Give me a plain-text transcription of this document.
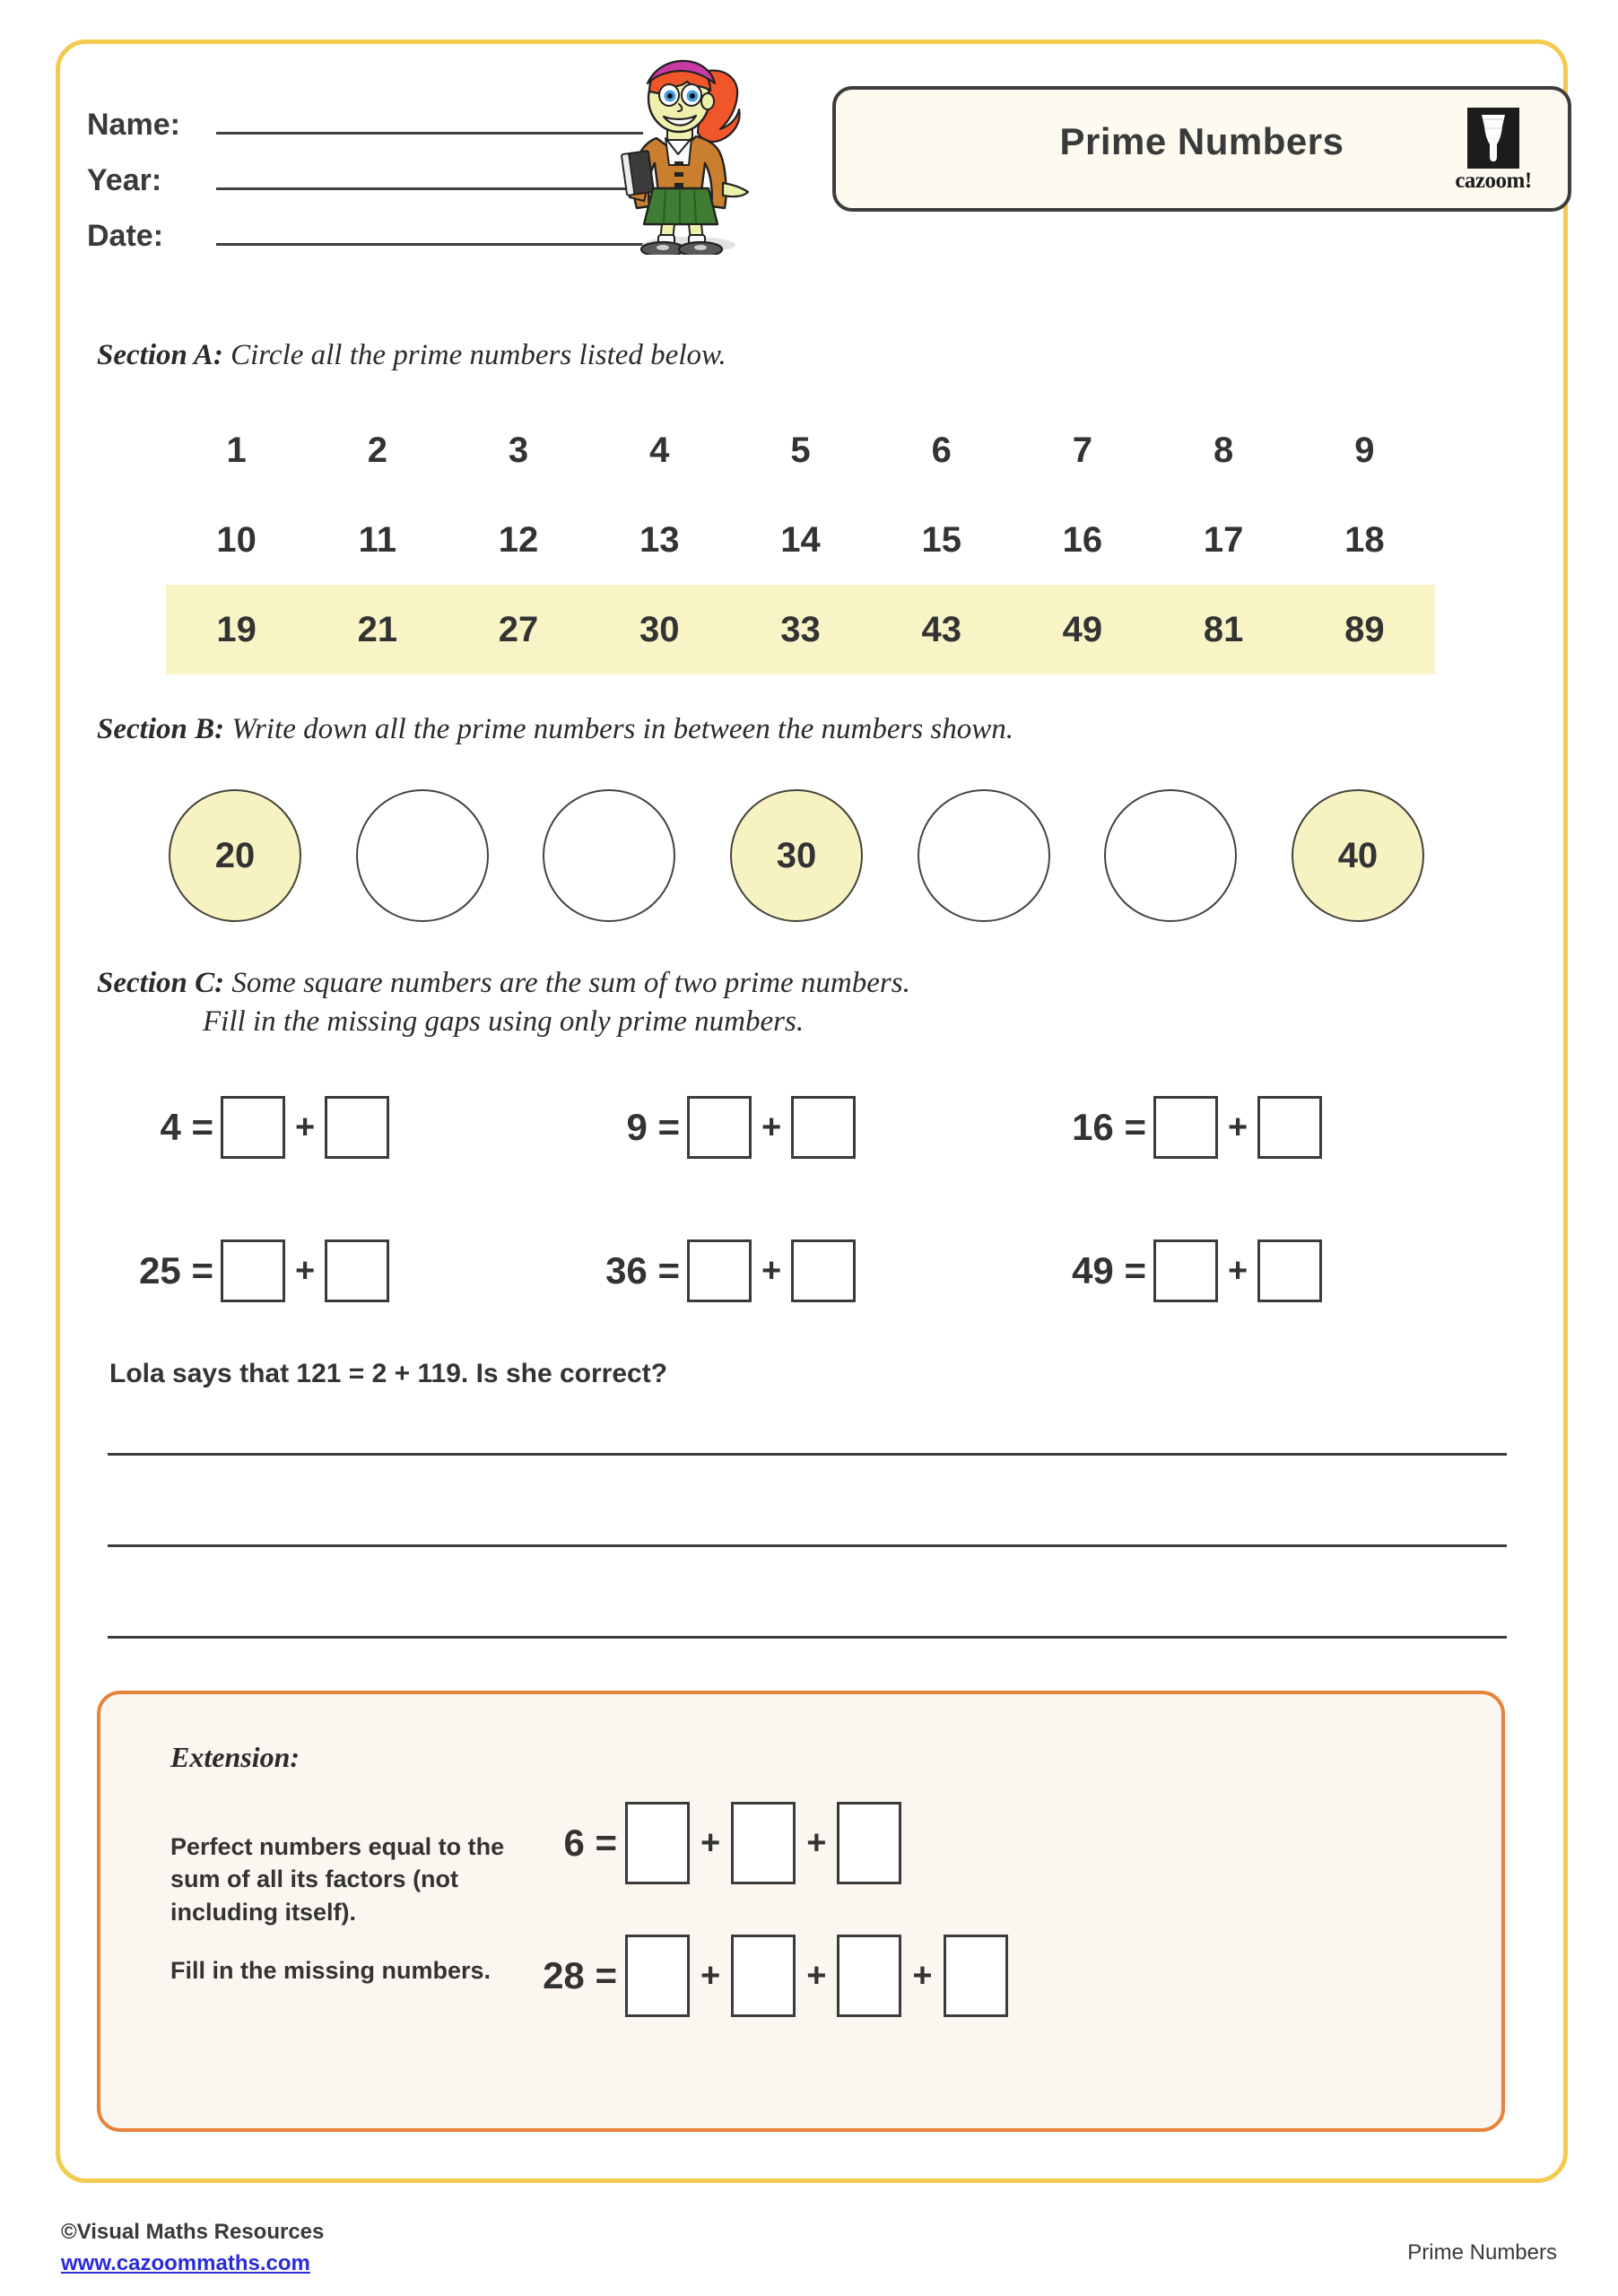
Name:
Year:
Date:
Prime Numbers
cazoom!
Section A: Circle all the prime numbers listed below.
1	2	3	4	5	6	7	8	9
10	11	12	13	14	15	16	17	18
19	21	27	30	33	43	49	81	89
Section B: Write down all the prime numbers in between the numbers shown.
20	30	40
Section C: Some square numbers are the sum of two prime numbers.
Fill in the missing gaps using only prime numbers.
4 = +	9 = +	16 = +
25 = +	36 = +	49 = +
Lola says that 121 = 2 + 119. Is she correct?
Extension:
Perfect numbers equal to the sum of all its factors (not including itself).
Fill in the missing numbers.
6 = +	+
28 = +	+	+
©Visual Maths Resources
www.cazoommaths.com	Prime Numbers
